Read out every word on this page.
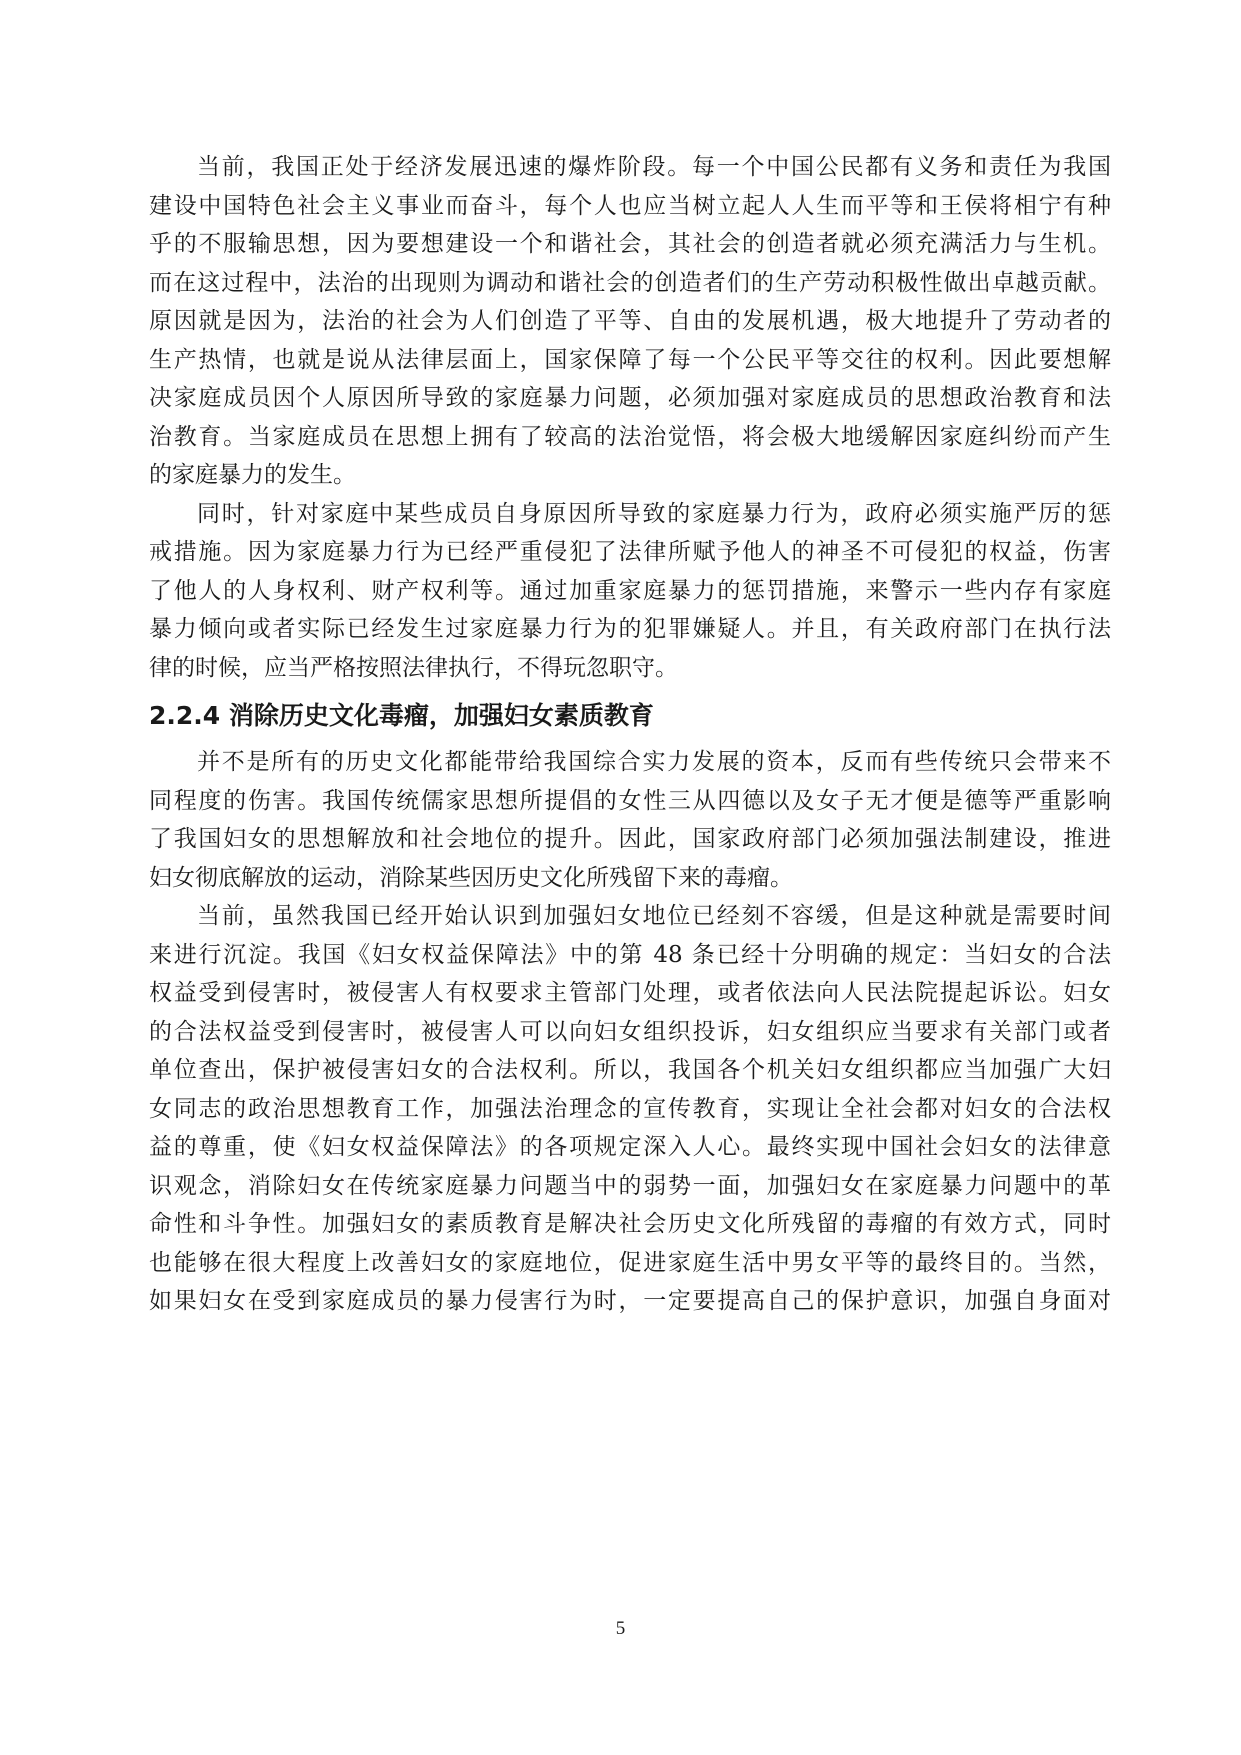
当前，我国正处于经济发展迅速的爆炸阶段。每一个中国公民都有义务和责任为我国
建设中国特色社会主义事业而奋斗，每个人也应当树立起人人生而平等和王侯将相宁有种
乎的不服输思想，因为要想建设一个和谐社会，其社会的创造者就必须充满活力与生机。
而在这过程中，法治的出现则为调动和谐社会的创造者们的生产劳动积极性做出卓越贡献。
原因就是因为，法治的社会为人们创造了平等、自由的发展机遇，极大地提升了劳动者的
生产热情，也就是说从法律层面上，国家保障了每一个公民平等交往的权利。因此要想解
决家庭成员因个人原因所导致的家庭暴力问题，必须加强对家庭成员的思想政治教育和法
治教育。当家庭成员在思想上拥有了较高的法治觉悟，将会极大地缓解因家庭纠纷而产生
的家庭暴力的发生。
同时，针对家庭中某些成员自身原因所导致的家庭暴力行为，政府必须实施严厉的惩
戒措施。因为家庭暴力行为已经严重侵犯了法律所赋予他人的神圣不可侵犯的权益，伤害
了他人的人身权利、财产权利等。通过加重家庭暴力的惩罚措施，来警示一些内存有家庭
暴力倾向或者实际已经发生过家庭暴力行为的犯罪嫌疑人。并且，有关政府部门在执行法
律的时候，应当严格按照法律执行，不得玩忽职守。
2.2.4 消除历史文化毒瘤，加强妇女素质教育
并不是所有的历史文化都能带给我国综合实力发展的资本，反而有些传统只会带来不
同程度的伤害。我国传统儒家思想所提倡的女性三从四德以及女子无才便是德等严重影响
了我国妇女的思想解放和社会地位的提升。因此，国家政府部门必须加强法制建设，推进
妇女彻底解放的运动，消除某些因历史文化所残留下来的毒瘤。
当前，虽然我国已经开始认识到加强妇女地位已经刻不容缓，但是这种就是需要时间
来进行沉淀。我国《妇女权益保障法》中的第 48 条已经十分明确的规定：当妇女的合法
权益受到侵害时，被侵害人有权要求主管部门处理，或者依法向人民法院提起诉讼。妇女
的合法权益受到侵害时，被侵害人可以向妇女组织投诉，妇女组织应当要求有关部门或者
单位查出，保护被侵害妇女的合法权利。所以，我国各个机关妇女组织都应当加强广大妇
女同志的政治思想教育工作，加强法治理念的宣传教育，实现让全社会都对妇女的合法权
益的尊重，使《妇女权益保障法》的各项规定深入人心。最终实现中国社会妇女的法律意
识观念，消除妇女在传统家庭暴力问题当中的弱势一面，加强妇女在家庭暴力问题中的革
命性和斗争性。加强妇女的素质教育是解决社会历史文化所残留的毒瘤的有效方式，同时
也能够在很大程度上改善妇女的家庭地位，促进家庭生活中男女平等的最终目的。当然，
如果妇女在受到家庭成员的暴力侵害行为时，一定要提高自己的保护意识，加强自身面对
5
